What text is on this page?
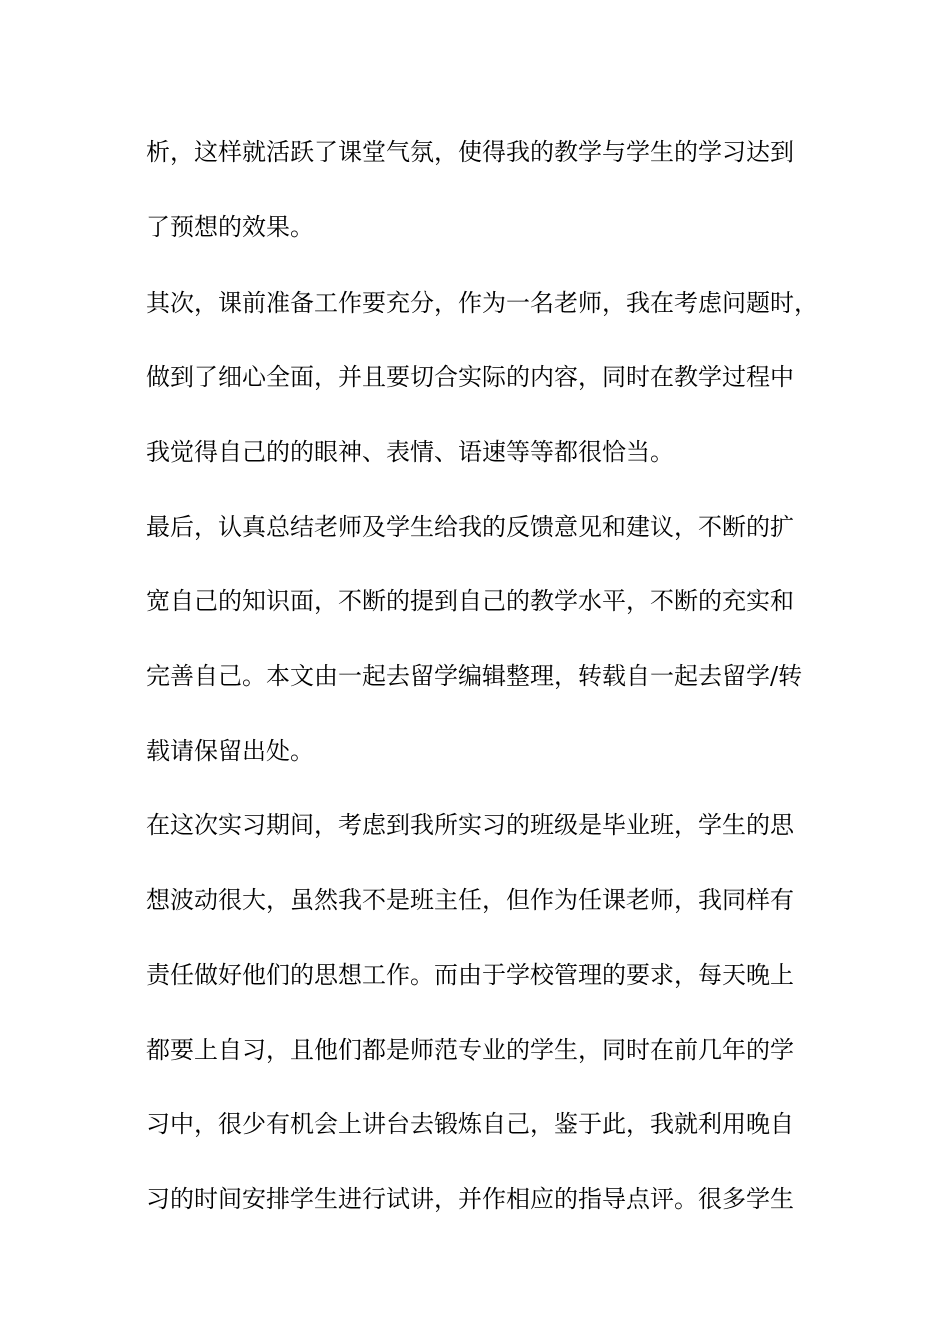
析，这样就活跃了课堂气氛，使得我的教学与学生的学习达到

了预想的效果。

其次，课前准备工作要充分，作为一名老师，我在考虑问题时，

做到了细心全面，并且要切合实际的内容，同时在教学过程中

我觉得自己的的眼神、表情、语速等等都很恰当。

最后，认真总结老师及学生给我的反馈意见和建议，不断的扩

宽自己的知识面，不断的提到自己的教学水平，不断的充实和

完善自己。本文由一起去留学编辑整理，转载自一起去留学/转

载请保留出处。

在这次实习期间，考虑到我所实习的班级是毕业班，学生的思

想波动很大，虽然我不是班主任，但作为任课老师，我同样有

责任做好他们的思想工作。而由于学校管理的要求，每天晚上

都要上自习，且他们都是师范专业的学生，同时在前几年的学

习中，很少有机会上讲台去锻炼自己，鉴于此，我就利用晚自

习的时间安排学生进行试讲，并作相应的指导点评。很多学生
